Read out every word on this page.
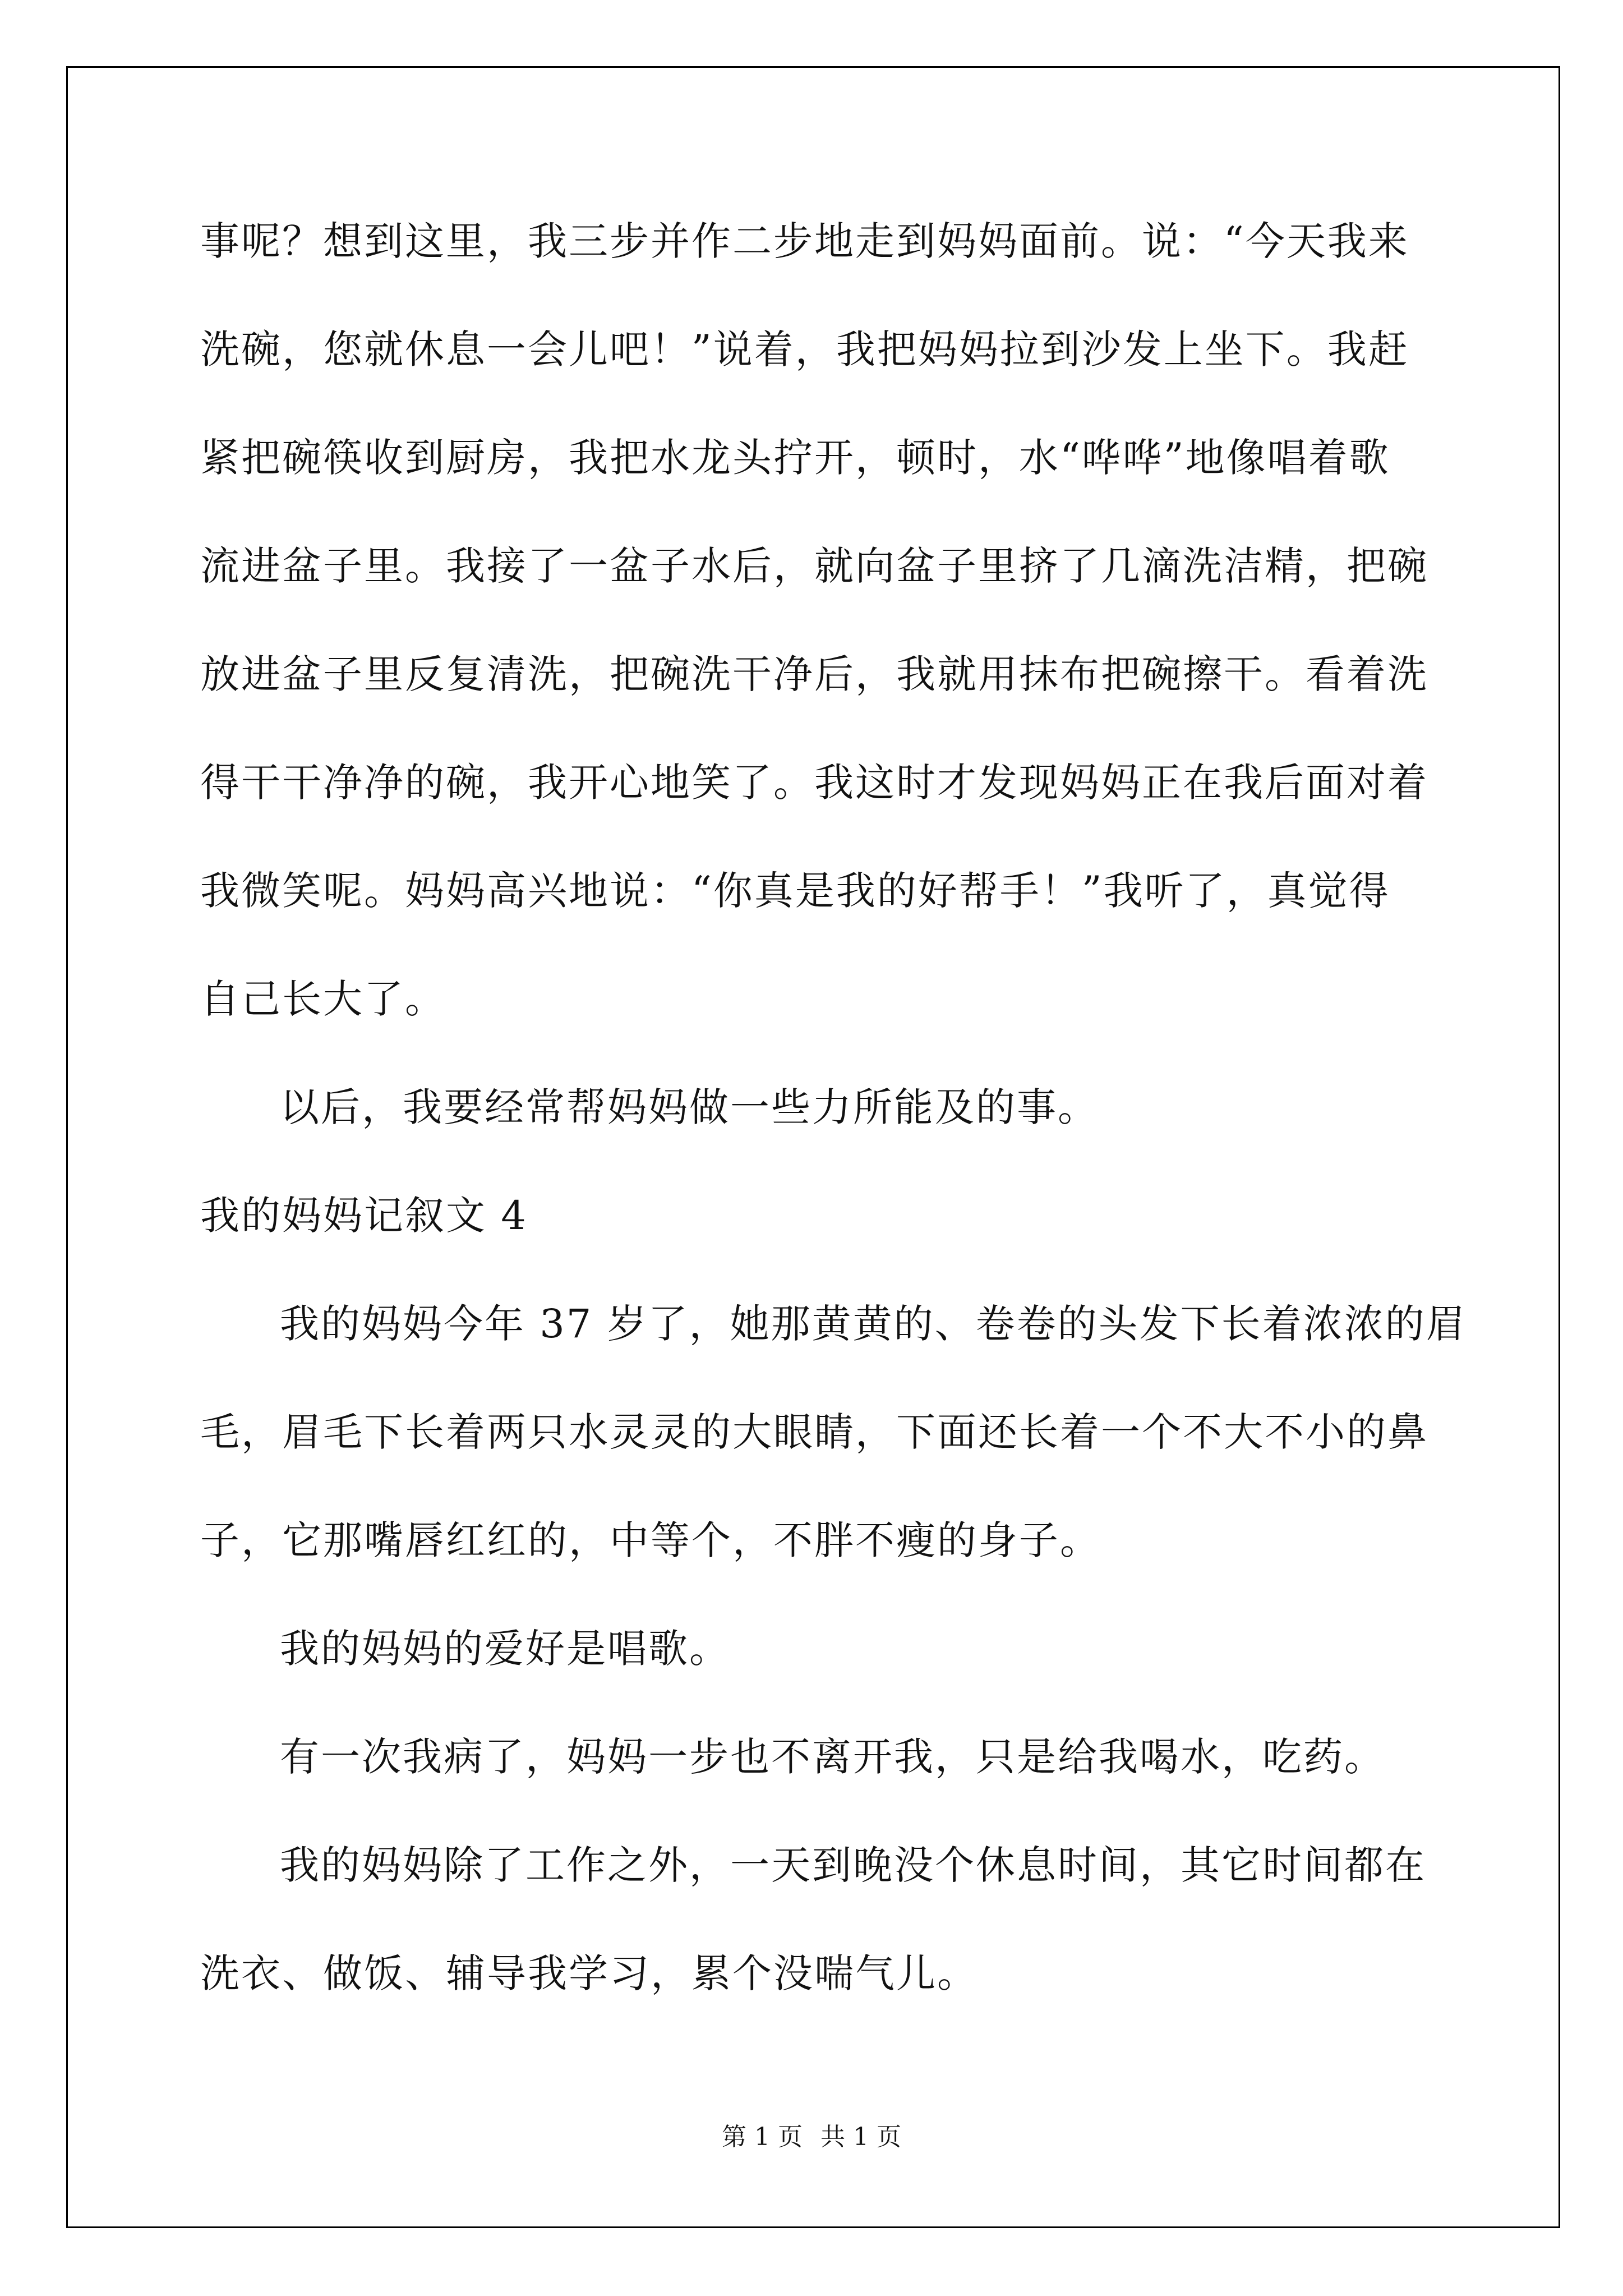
事呢？想到这里，我三步并作二步地走到妈妈面前。说：“今天我来
洗碗，您就休息一会儿吧！”说着，我把妈妈拉到沙发上坐下。我赶
紧把碗筷收到厨房，我把水龙头拧开，顿时，水“哗哗”地像唱着歌
流进盆子里。我接了一盆子水后，就向盆子里挤了几滴洗洁精，把碗
放进盆子里反复清洗，把碗洗干净后，我就用抹布把碗擦干。看着洗
得干干净净的碗，我开心地笑了。我这时才发现妈妈正在我后面对着
我微笑呢。妈妈高兴地说：“你真是我的好帮手！”我听了，真觉得
自己长大了。
以后，我要经常帮妈妈做一些力所能及的事。
我的妈妈记叙文 4
我的妈妈今年 37 岁了，她那黄黄的、卷卷的头发下长着浓浓的眉
毛，眉毛下长着两只水灵灵的大眼睛，下面还长着一个不大不小的鼻
子，它那嘴唇红红的，中等个，不胖不瘦的身子。
我的妈妈的爱好是唱歌。
有一次我病了，妈妈一步也不离开我，只是给我喝水，吃药。
我的妈妈除了工作之外，一天到晚没个休息时间，其它时间都在
洗衣、做饭、辅导我学习，累个没喘气儿。
第 1 页 共 1 页
